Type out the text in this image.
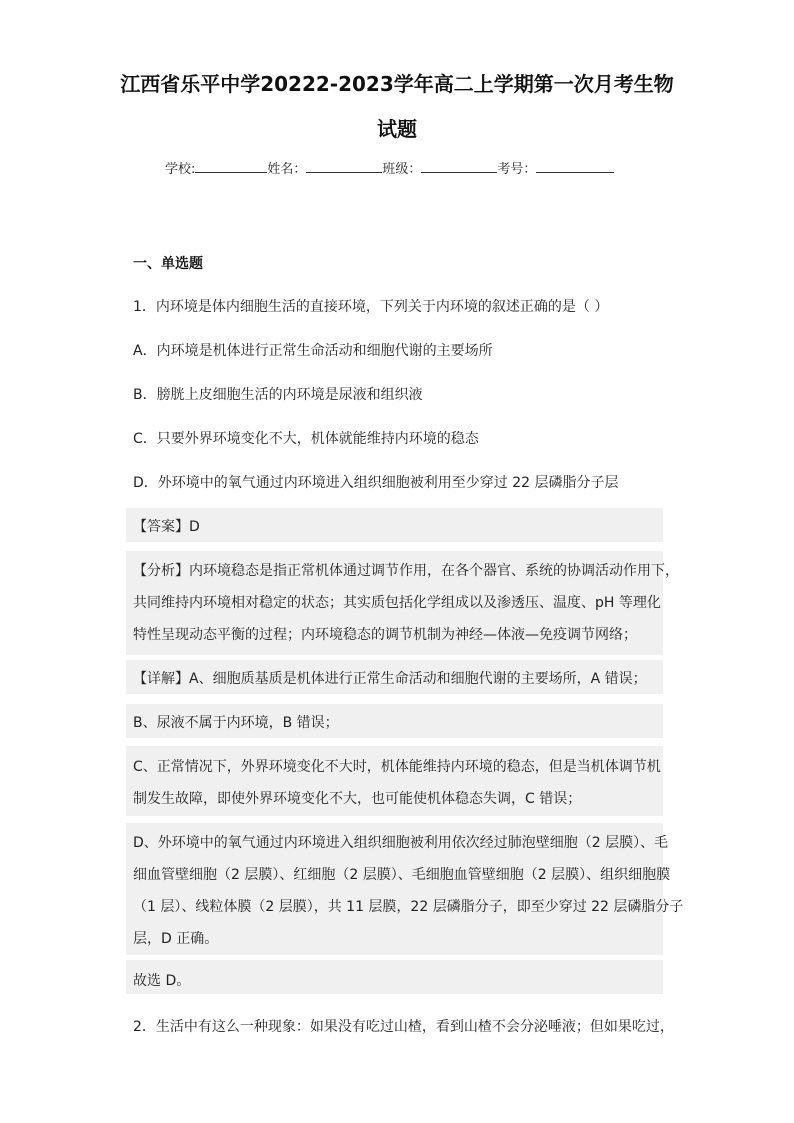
江西省乐平中学20222-2023学年高二上学期第一次月考生物
试题
学校:	姓名：	班级：	考号：
一、单选题
1．内环境是体内细胞生活的直接环境，下列关于内环境的叙述正确的是（ ）
A．内环境是机体进行正常生命活动和细胞代谢的主要场所
B．膀胱上皮细胞生活的内环境是尿液和组织液
C．只要外界环境变化不大，机体就能维持内环境的稳态
D．外环境中的氧气通过内环境进入组织细胞被利用至少穿过 22 层磷脂分子层
【答案】D
【分析】内环境稳态是指正常机体通过调节作用，在各个器官、系统的协调活动作用下，
共同维持内环境相对稳定的状态；其实质包括化学组成以及渗透压、温度、pH 等理化
特性呈现动态平衡的过程；内环境稳态的调节机制为神经—体液—免疫调节网络；
【详解】A、细胞质基质是机体进行正常生命活动和细胞代谢的主要场所，A 错误；
B、尿液不属于内环境，B 错误；
C、正常情况下，外界环境变化不大时，机体能维持内环境的稳态，但是当机体调节机
制发生故障，即使外界环境变化不大，也可能使机体稳态失调，C 错误；
D、外环境中的氧气通过内环境进入组织细胞被利用依次经过肺泡壁细胞（2 层膜）、毛
细血管壁细胞（2 层膜）、红细胞（2 层膜）、毛细胞血管壁细胞（2 层膜）、组织细胞膜
（1 层）、线粒体膜（2 层膜），共 11 层膜，22 层磷脂分子，即至少穿过 22 层磷脂分子
层，D 正确。
故选 D。
2．生活中有这么一种现象：如果没有吃过山楂，看到山楂不会分泌唾液；但如果吃过，
